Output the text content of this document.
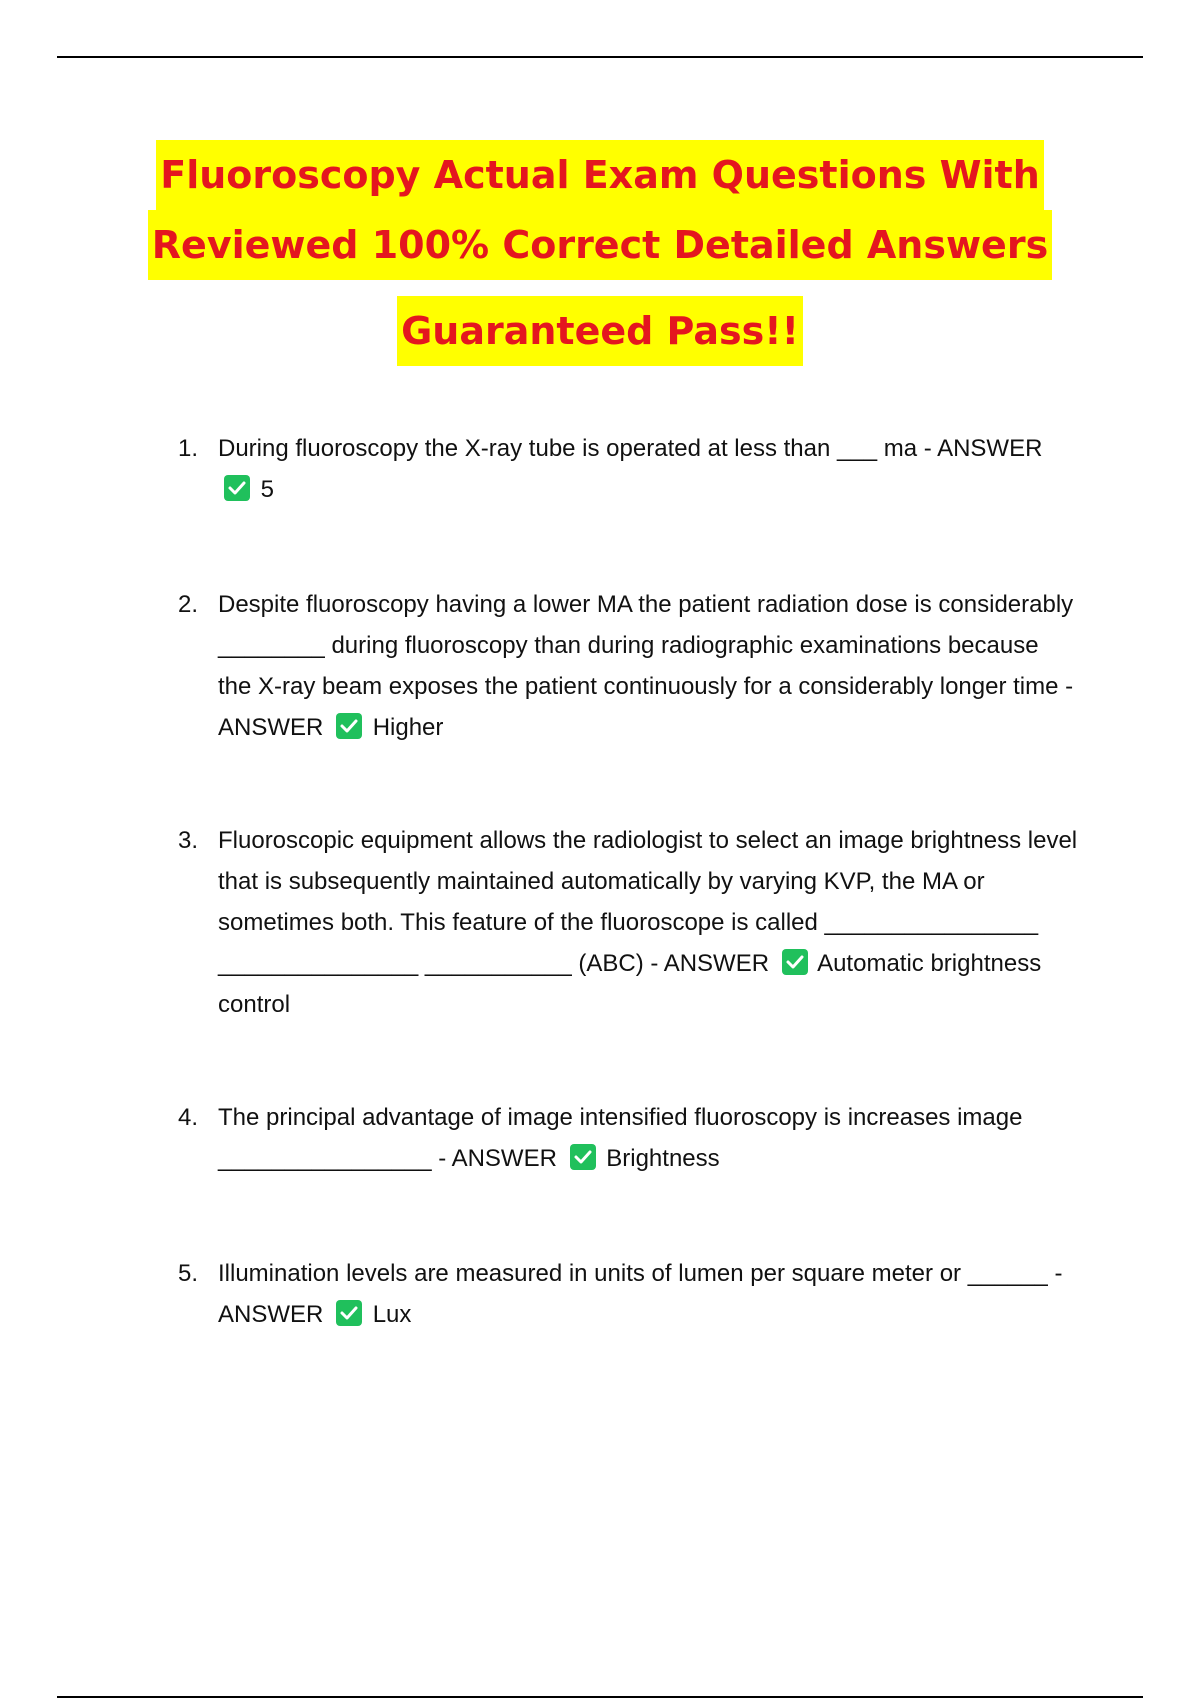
Fluoroscopy Actual Exam Questions With
Reviewed 100% Correct Detailed Answers

Guaranteed Pass!!
1. During fluoroscopy the X-ray tube is operated at less than ___ ma - ANSWER
5
2. Despite fluoroscopy having a lower MA the patient radiation dose is considerably ________ during fluoroscopy than during radiographic examinations because the X-ray beam exposes the patient continuously for a considerably longer time - ANSWER Higher
3. Fluoroscopic equipment allows the radiologist to select an image brightness level that is subsequently maintained automatically by varying KVP, the MA or sometimes both. This feature of the fluoroscope is called ________________ _______________ ___________ (ABC) - ANSWER Automatic brightness control
4. The principal advantage of image intensified fluoroscopy is increases image ________________ - ANSWER Brightness
5. Illumination levels are measured in units of lumen per square meter or ______ - ANSWER Lux
